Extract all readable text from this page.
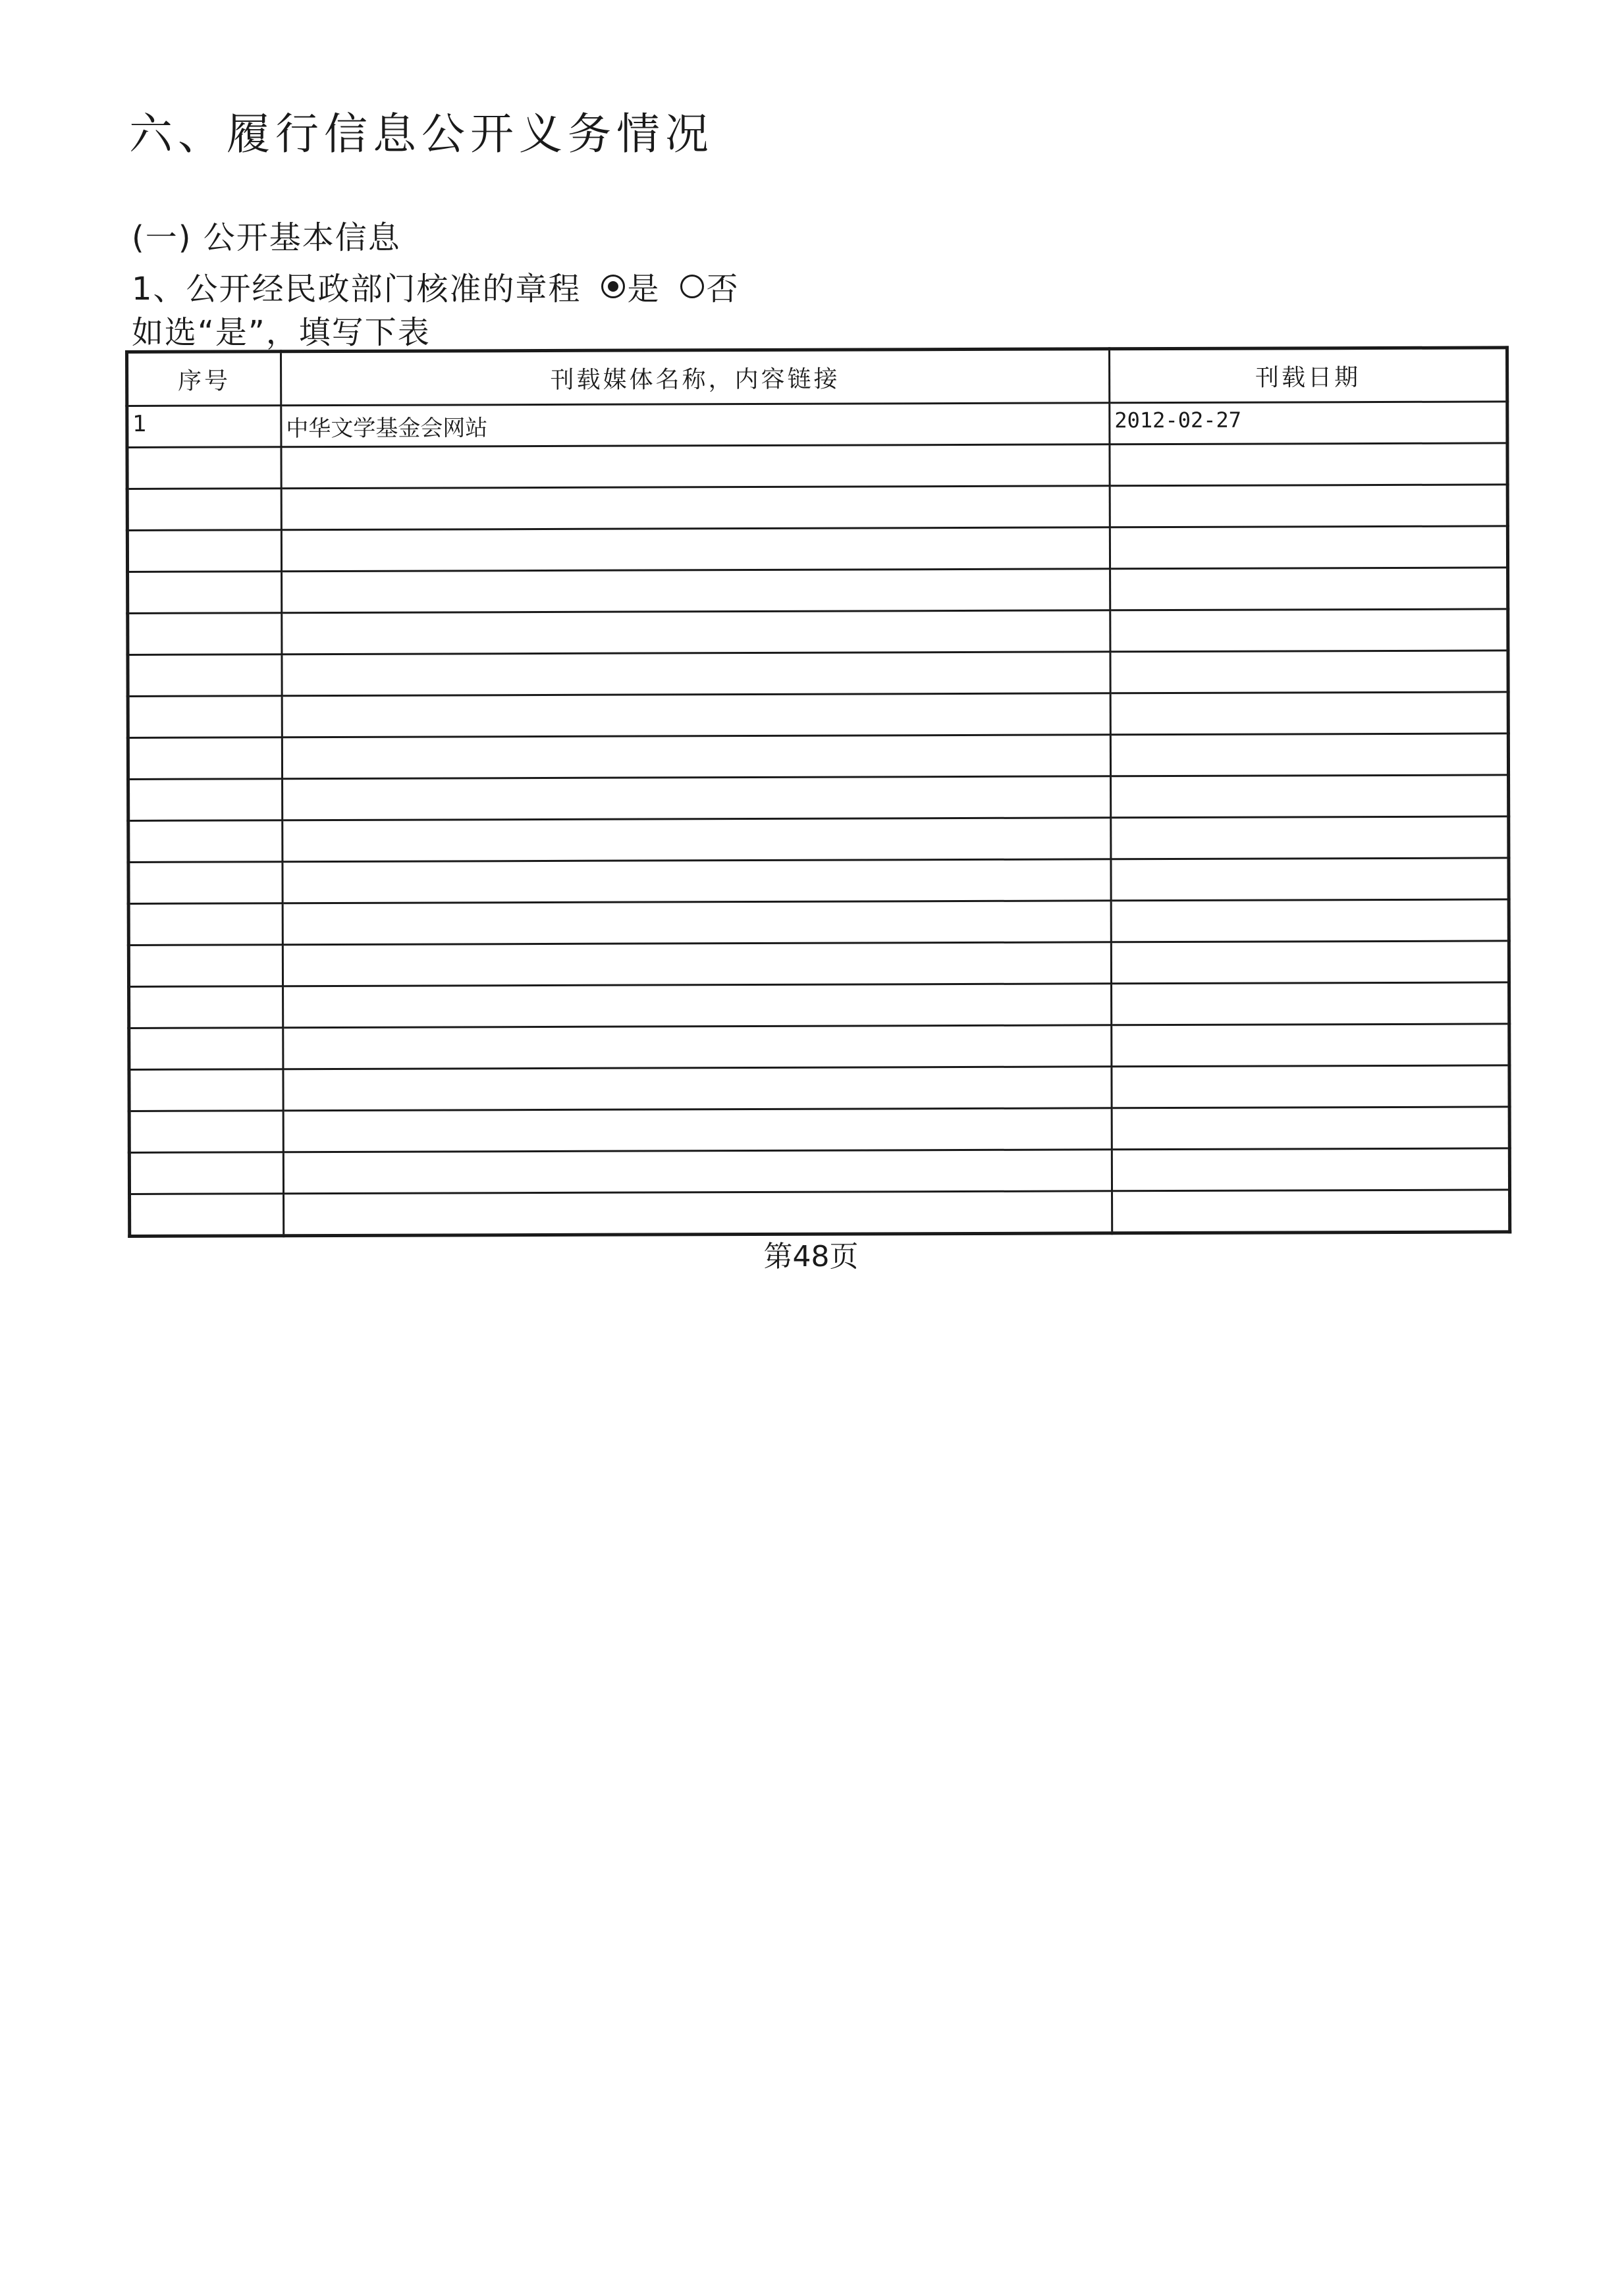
六、履行信息公开义务情况
(一) 公开基本信息
1、公开经民政部门核准的章程 是 否
如选“是”，填写下表
序号	刊载媒体名称，内容链接	刊载日期
1	中华文学基金会网站	2012-02-27

第48页
